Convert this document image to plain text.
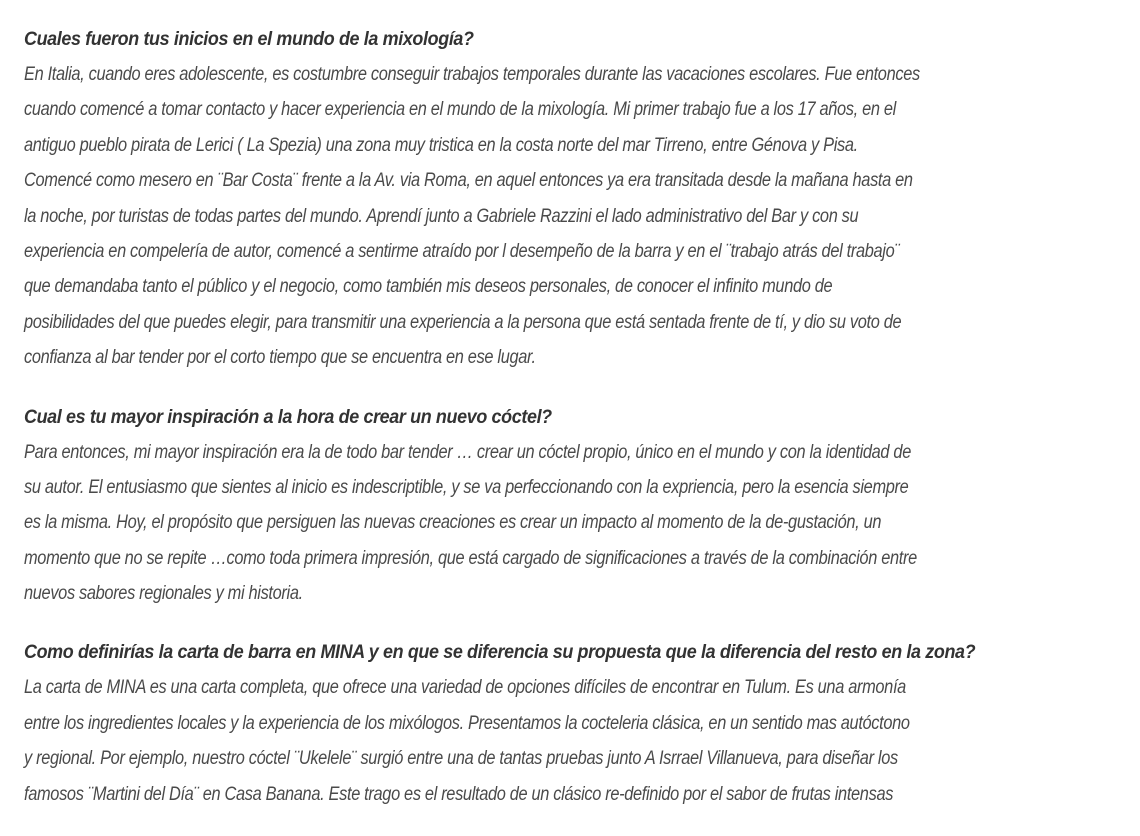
Cuales fueron tus inicios en el mundo de la mixología?
En Italia, cuando eres adolescente, es costumbre conseguir trabajos temporales durante las vacaciones escolares. Fue entonces
cuando comencé a tomar contacto y hacer experiencia en el mundo de la mixología. Mi primer trabajo fue a los 17 años, en el
antiguo pueblo pirata de Lerici ( La Spezia) una zona muy tristica en la costa norte del mar Tirreno, entre Génova y Pisa.
Comencé como mesero en ¨Bar Costa¨ frente a la Av. via Roma, en aquel entonces ya era transitada desde la mañana hasta en
la noche, por turistas de todas partes del mundo. Aprendí junto a Gabriele Razzini el lado administrativo del Bar y con su
experiencia en compelería de autor, comencé a sentirme atraído por l desempeño de la barra y en el ¨trabajo atrás del trabajo¨
que demandaba tanto el público y el negocio, como también mis deseos personales, de conocer el infinito mundo de
posibilidades del que puedes elegir, para transmitir una experiencia a la persona que está sentada frente de tí, y dio su voto de
confianza al bar tender por el corto tiempo que se encuentra en ese lugar.
Cual es tu mayor inspiración a la hora de crear un nuevo cóctel?
Para entonces, mi mayor inspiración era la de todo bar tender … crear un cóctel propio, único en el mundo y con la identidad de
su autor. El entusiasmo que sientes al inicio es indescriptible, y se va perfeccionando con la expriencia, pero la esencia siempre
es la misma. Hoy, el propósito que persiguen las nuevas creaciones es crear un impacto al momento de la de-gustación, un
momento que no se repite …como toda primera impresión, que está cargado de significaciones a través de la combinación entre
nuevos sabores regionales y mi historia.
Como definirías la carta de barra en MINA y en que se diferencia su propuesta que la diferencia del resto en la zona?
La carta de MINA es una carta completa, que ofrece una variedad de opciones difíciles de encontrar en Tulum. Es una armonía
entre los ingredientes locales y la experiencia de los mixólogos. Presentamos la cocteleria clásica, en un sentido mas autóctono
y regional. Por ejemplo, nuestro cóctel ¨Ukelele¨ surgió entre una de tantas pruebas junto A Isrrael Villanueva, para diseñar los
famosos ¨Martini del Día¨ en Casa Banana. Este trago es el resultado de un clásico re-definido por el sabor de frutas intensas
